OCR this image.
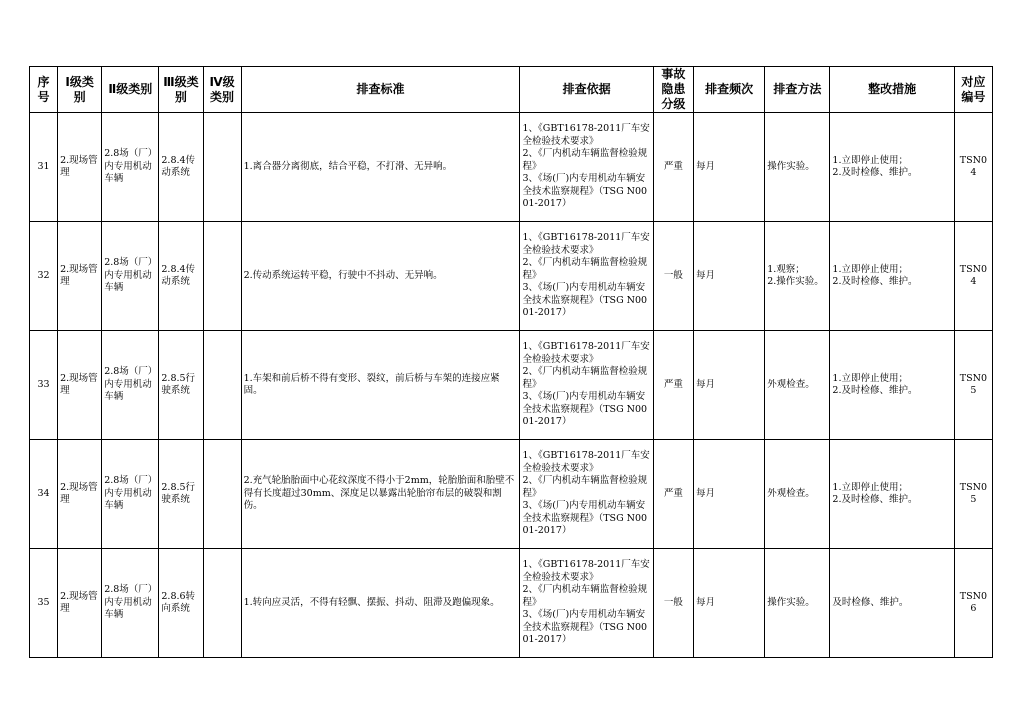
序号	Ⅰ级类别	Ⅱ级类别	Ⅲ级类别	Ⅳ级类别	排查标准	排查依据	事故隐患分级	排查频次	排查方法	整改措施	对应编号
31	2.现场管理	2.8场（厂）内专用机动车辆	2.8.4传动系统		1.离合器分离彻底，结合平稳，不打滑、无异响。	1、《GBT16178-2011厂车安全检验技术要求》
2、《厂内机动车辆监督检验规程》
3、《场(厂)内专用机动车辆安全技术监察规程》（TSG N0001-2017）	严重	每月	操作实验。	1.立即停止使用；
2.及时检修、维护。	TSN04
32	2.现场管理	2.8场（厂）内专用机动车辆	2.8.4传动系统		2.传动系统运转平稳，行驶中不抖动、无异响。	1、《GBT16178-2011厂车安全检验技术要求》
2、《厂内机动车辆监督检验规程》
3、《场(厂)内专用机动车辆安全技术监察规程》（TSG N0001-2017）	一般	每月	1.观察；
2.操作实验。	1.立即停止使用；
2.及时检修、维护。	TSN04
33	2.现场管理	2.8场（厂）内专用机动车辆	2.8.5行驶系统		1.车架和前后桥不得有变形、裂纹，前后桥与车架的连接应紧固。	1、《GBT16178-2011厂车安全检验技术要求》
2、《厂内机动车辆监督检验规程》
3、《场(厂)内专用机动车辆安全技术监察规程》（TSG N0001-2017）	严重	每月	外观检查。	1.立即停止使用；
2.及时检修、维护。	TSN05
34	2.现场管理	2.8场（厂）内专用机动车辆	2.8.5行驶系统		2.充气轮胎胎面中心花纹深度不得小于2mm，轮胎胎面和胎壁不得有长度超过30mm、深度足以暴露出轮胎帘布层的破裂和割伤。	1、《GBT16178-2011厂车安全检验技术要求》
2、《厂内机动车辆监督检验规程》
3、《场(厂)内专用机动车辆安全技术监察规程》（TSG N0001-2017）	严重	每月	外观检查。	1.立即停止使用；
2.及时检修、维护。	TSN05
35	2.现场管理	2.8场（厂）内专用机动车辆	2.8.6转向系统		1.转向应灵活，不得有轻飘、摆振、抖动、阻滞及跑偏现象。	1、《GBT16178-2011厂车安全检验技术要求》
2、《厂内机动车辆监督检验规程》
3、《场(厂)内专用机动车辆安全技术监察规程》（TSG N0001-2017）	一般	每月	操作实验。	及时检修、维护。	TSN06
